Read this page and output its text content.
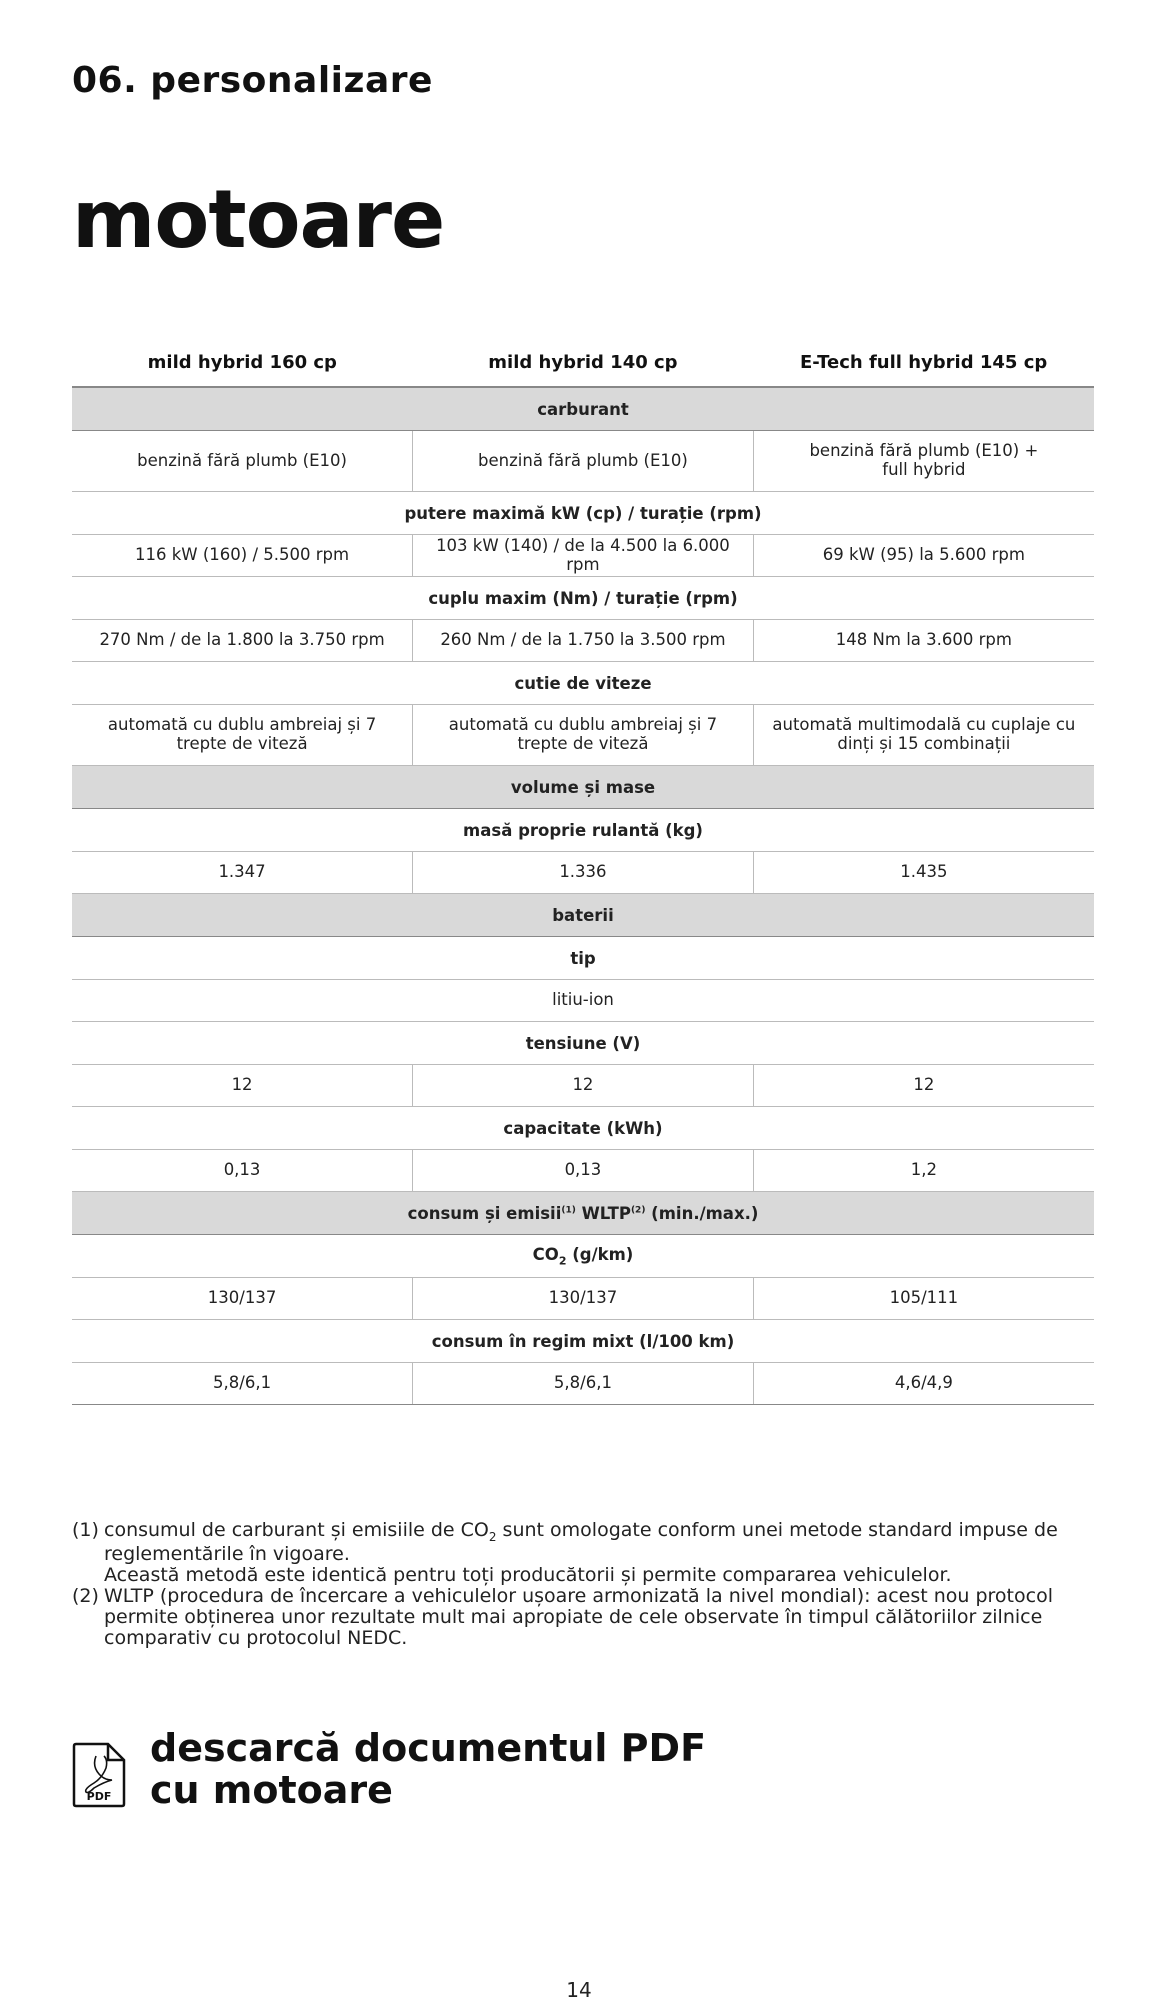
06. personalizare
motoare
mild hybrid 160 cp	mild hybrid 140 cp	E-Tech full hybrid 145 cp
carburant		
benzină fără plumb (E10)	benzină fără plumb (E10)	benzină fără plumb (E10) + full hybrid
putere maximă kW (cp) / turație (rpm)		
116 kW (160) / 5.500 rpm	103 kW (140) / de la 4.500 la 6.000 rpm	69 kW (95) la 5.600 rpm
cuplu maxim (Nm) / turație (rpm)		
270 Nm / de la 1.800 la 3.750 rpm	260 Nm / de la 1.750 la 3.500 rpm	148 Nm la 3.600 rpm
cutie de viteze		
automată cu dublu ambreiaj și 7 trepte de viteză	automată cu dublu ambreiaj și 7 trepte de viteză	automată multimodală cu cuplaje cu dinți și 15 combinații
volume și mase		
masă proprie rulantă (kg)		
1.347	1.336	1.435
baterii		
tip		
litiu-ion		
tensiune (V)		
12	12	12
capacitate (kWh)		
0,13	0,13	1,2
consum și emisii$^{(1)}$ WLTP$^{(2)}$ (min./max.)		
$CO_2$ (g/km)		
130/137	130/137	105/111
consum în regim mixt (l/100 km)		
5,8/6,1	5,8/6,1	4,6/4,9
(1) consumul de carburant și emisiile de $CO_2$ sunt omologate conform unei metode standard impuse de reglementările în vigoare.

Această metodă este identică pentru toți producătorii și permite compararea vehiculelor.

(2) WLTP (procedura de încercare a vehiculelor ușoare armonizată la nivel mondial): acest nou protocol permite obținerea unor rezultate mult mai apropiate de cele observate în timpul călătoriilor zilnice comparativ cu protocolul NEDC.
PDF
descarcă documentul PDF
cu motoare
14
